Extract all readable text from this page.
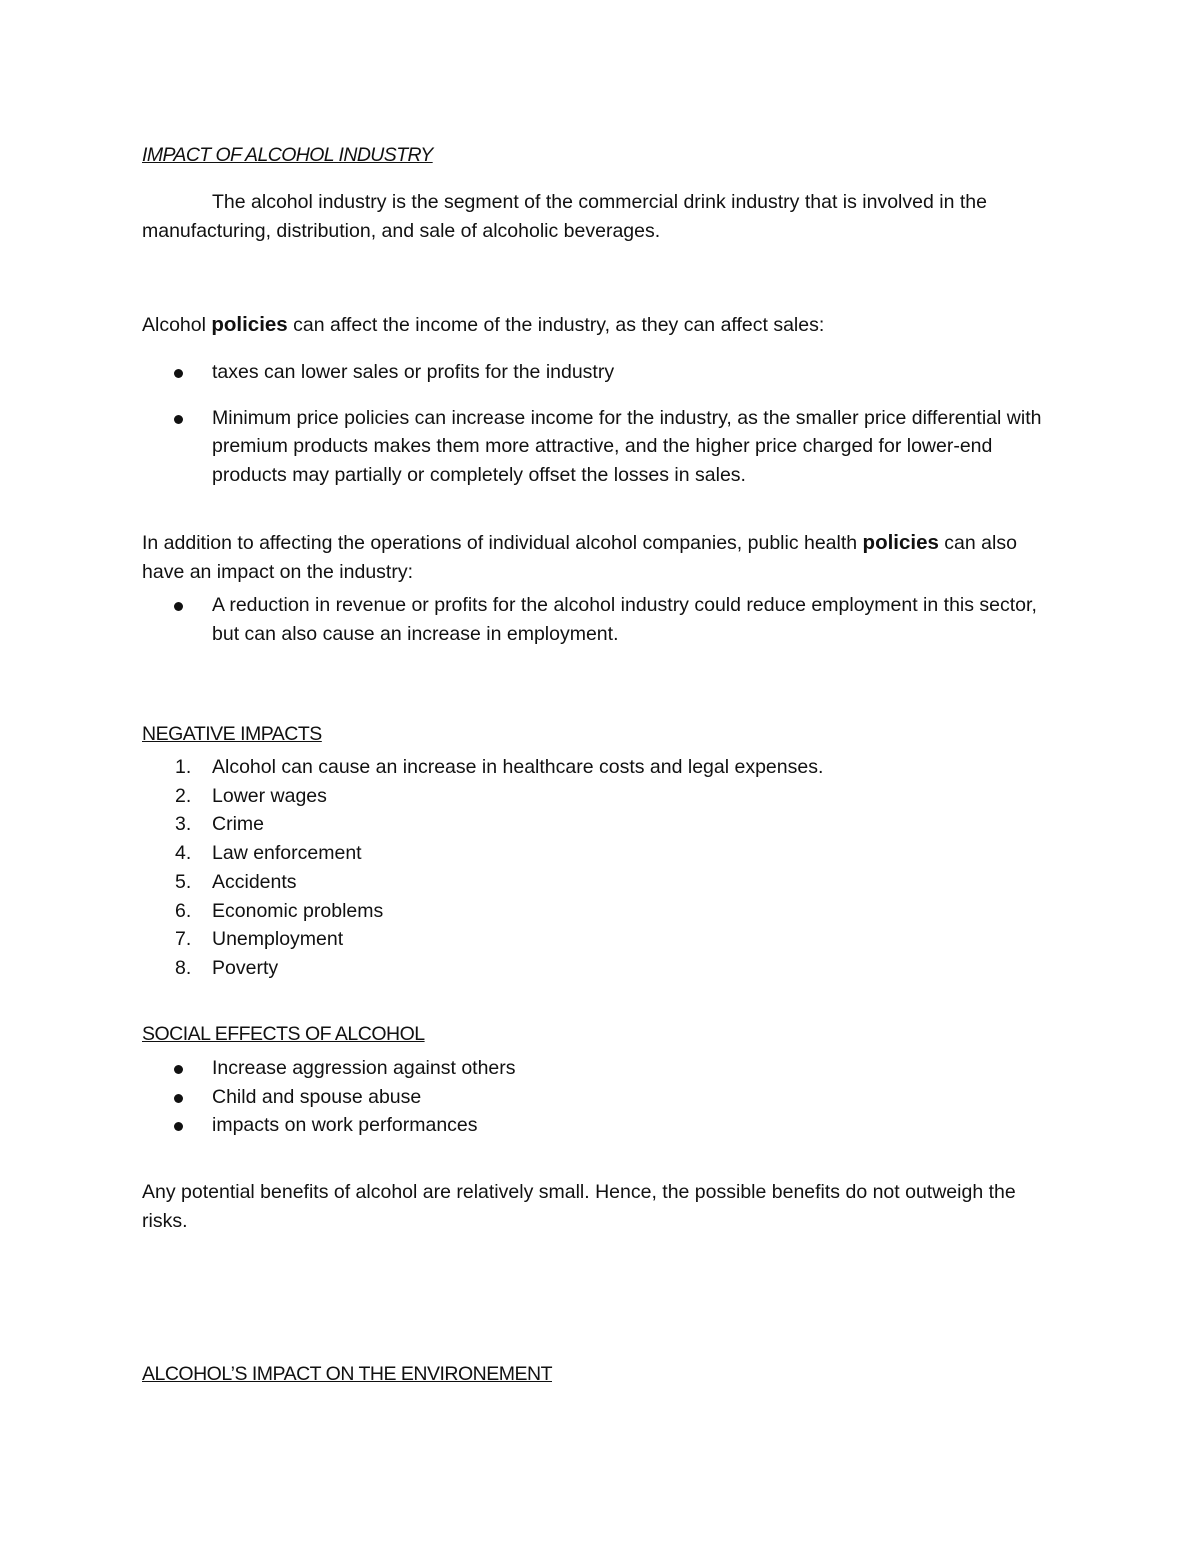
IMPACT OF ALCOHOL INDUSTRY

The alcohol industry is the segment of the commercial drink industry that is involved in the manufacturing, distribution, and sale of alcoholic beverages.

Alcohol policies can affect the income of the industry, as they can affect sales:

taxes can lower sales or profits for the industry
Minimum price policies can increase income for the industry, as the smaller price differential with premium products makes them more attractive, and the higher price charged for lower-end products may partially or completely offset the losses in sales.

In addition to affecting the operations of individual alcohol companies, public health policies can also have an impact on the industry:

A reduction in revenue or profits for the alcohol industry could reduce employment in this sector, but can also cause an increase in employment.
NEGATIVE IMPACTS
1.	Alcohol can cause an increase in healthcare costs and legal expenses.
2.	Lower wages
3.	Crime
4.	Law enforcement
5.	Accidents
6.	Economic problems
7.	Unemployment
8.	Poverty
SOCIAL EFFECTS OF ALCOHOL
Increase aggression against others
Child and spouse abuse
impacts on work performances

Any potential benefits of alcohol are relatively small. Hence, the possible benefits do not outweigh the risks.

ALCOHOL’S IMPACT ON THE ENVIRONEMENT
